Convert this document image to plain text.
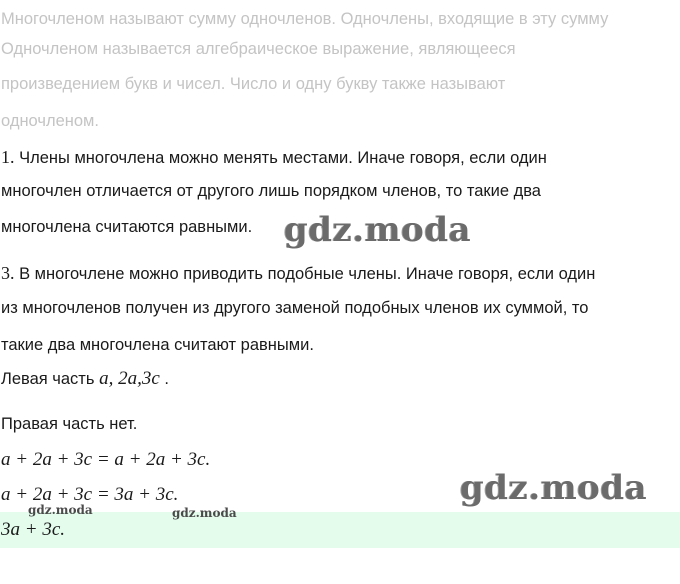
Многочленом называют сумму одночленов. Одночлены, входящие в эту сумму
Одночленом называется алгебраическое выражение, являющееся
произведением букв и чисел. Число и одну букву также называют
одночленом.
1. Члены многочлена можно менять местами. Иначе говоря, если один
многочлен отличается от другого лишь порядком членов, то такие два
многочлена считаются равными.
3. В многочлене можно приводить подобные члены. Иначе говоря, если один
из многочленов получен из другого заменой подобных членов их суммой, то
такие два многочлена считают равными.
Левая часть a, 2a,3c .
Правая часть нет.
a + 2a + 3c = a + 2a + 3c.
a + 2a + 3c = 3a + 3c.
3a + 3c.
gdz.moda
gdz.moda
gdz.moda	gdz.moda
